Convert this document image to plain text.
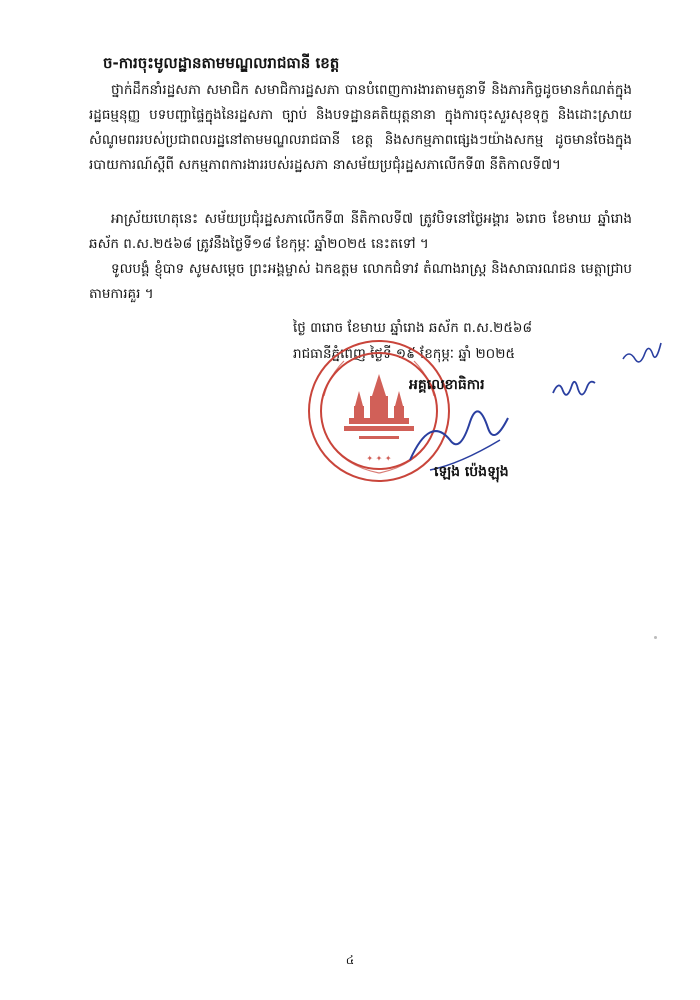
ច-ការចុះមូលដ្ឋានតាមមណ្ឌលរាជធានី ខេត្ត
ថ្នាក់ដឹកនាំរដ្ឋសភា សមាជិក សមាជិការដ្ឋសភា បានបំពេញការងារតាមតួនាទី និងភារកិច្ចដូចមានកំណត់ក្នុងរដ្ឋធម្មនុញ្ញ បទបញ្ជាផ្ទៃក្នុងនៃរដ្ឋសភា ច្បាប់ និងបទដ្ឋានគតិយុត្តនានា ក្នុងការចុះសួរសុខទុក្ខ និងដោះស្រាយសំណូមពររបស់ប្រជាពលរដ្ឋនៅតាមមណ្ឌលរាជធានី ខេត្ត និងសកម្មភាពផ្សេងៗយ៉ាងសកម្ម ដូចមានចែងក្នុងរបាយការណ៍ស្តីពី សកម្មភាពការងាររបស់រដ្ឋសភា នាសម័យប្រជុំរដ្ឋសភាលើកទី៣ នីតិកាលទី៧។
អាស្រ័យហេតុនេះ សម័យប្រជុំរដ្ឋសភាលើកទី៣ នីតិកាលទី៧ ត្រូវបិទនៅថ្ងៃអង្គារ ៦រោច ខែមាឃ ឆ្នាំរោង ឆស័ក ព.ស.២៥៦៨ ត្រូវនឹងថ្ងៃទី១៨ ខែកុម្ភៈ ឆ្នាំ២០២៥ នេះតទៅ ។
ទូលបង្គំ ខ្ញុំបាទ សូមសម្តេច ព្រះអង្គម្ចាស់ ឯកឧត្តម លោកជំទាវ តំណាងរាស្ត្រ និងសាធារណជន មេត្តាជ្រាបតាមការគួរ ។
ថ្ងៃ ៣រោច ខែមាឃ ឆ្នាំរោង ឆស័ក ព.ស.២៥៦៨
រាជធានីភ្នំពេញ ថ្ងៃទី ១៩ ខែកុម្ភៈ ឆ្នាំ ២០២៥
✦ ✦ ✦
អគ្គលេខាធិការ
ឡេង ប៉េងឡុង
៤
